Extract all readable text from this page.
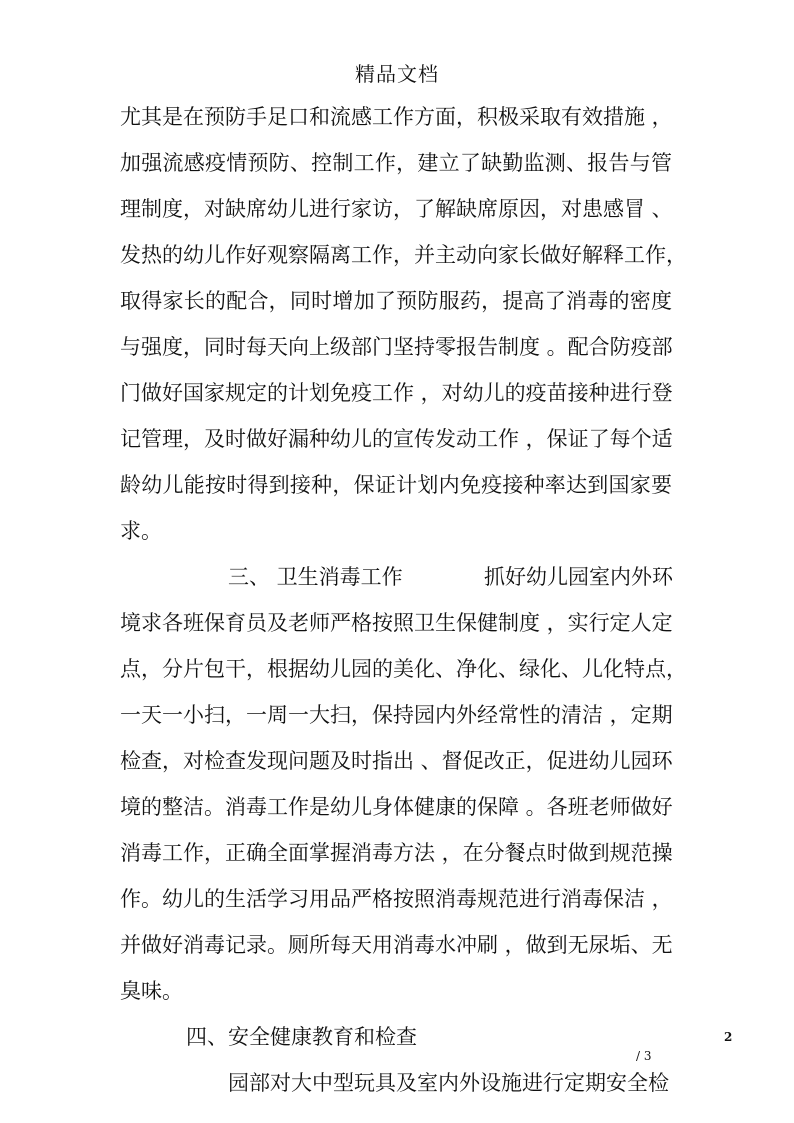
精品文档
尤其是在预防手足口和流感工作方面，积极采取有效措施 ，
加强流感疫情预防、控制工作，建立了缺勤监测、报告与管
理制度，对缺席幼儿进行家访，了解缺席原因，对患感冒 、
发热的幼儿作好观察隔离工作，并主动向家长做好解释工作，
取得家长的配合，同时增加了预防服药，提高了消毒的密度
与强度，同时每天向上级部门坚持零报告制度 。配合防疫部
门做好国家规定的计划免疫工作 ，对幼儿的疫苗接种进行登
记管理，及时做好漏种幼儿的宣传发动工作 ，保证了每个适
龄幼儿能按时得到接种，保证计划内免疫接种率达到国家要
求。
三、 卫生消毒工作	抓好幼儿园室内外环
境求各班保育员及老师严格按照卫生保健制度 ，实行定人定
点，分片包干，根据幼儿园的美化、净化、绿化、儿化特点，
一天一小扫，一周一大扫，保持园内外经常性的清洁 ，定期
检查，对检查发现问题及时指出 、督促改正，促进幼儿园环
境的整洁。消毒工作是幼儿身体健康的保障 。各班老师做好
消毒工作，正确全面掌握消毒方法 ，在分餐点时做到规范操
作。幼儿的生活学习用品严格按照消毒规范进行消毒保洁 ，
并做好消毒记录。厕所每天用消毒水冲刷 ，做到无尿垢、无
臭味。
四、安全健康教育和检查
园部对大中型玩具及室内外设施进行定期安全检
2
/ 3
